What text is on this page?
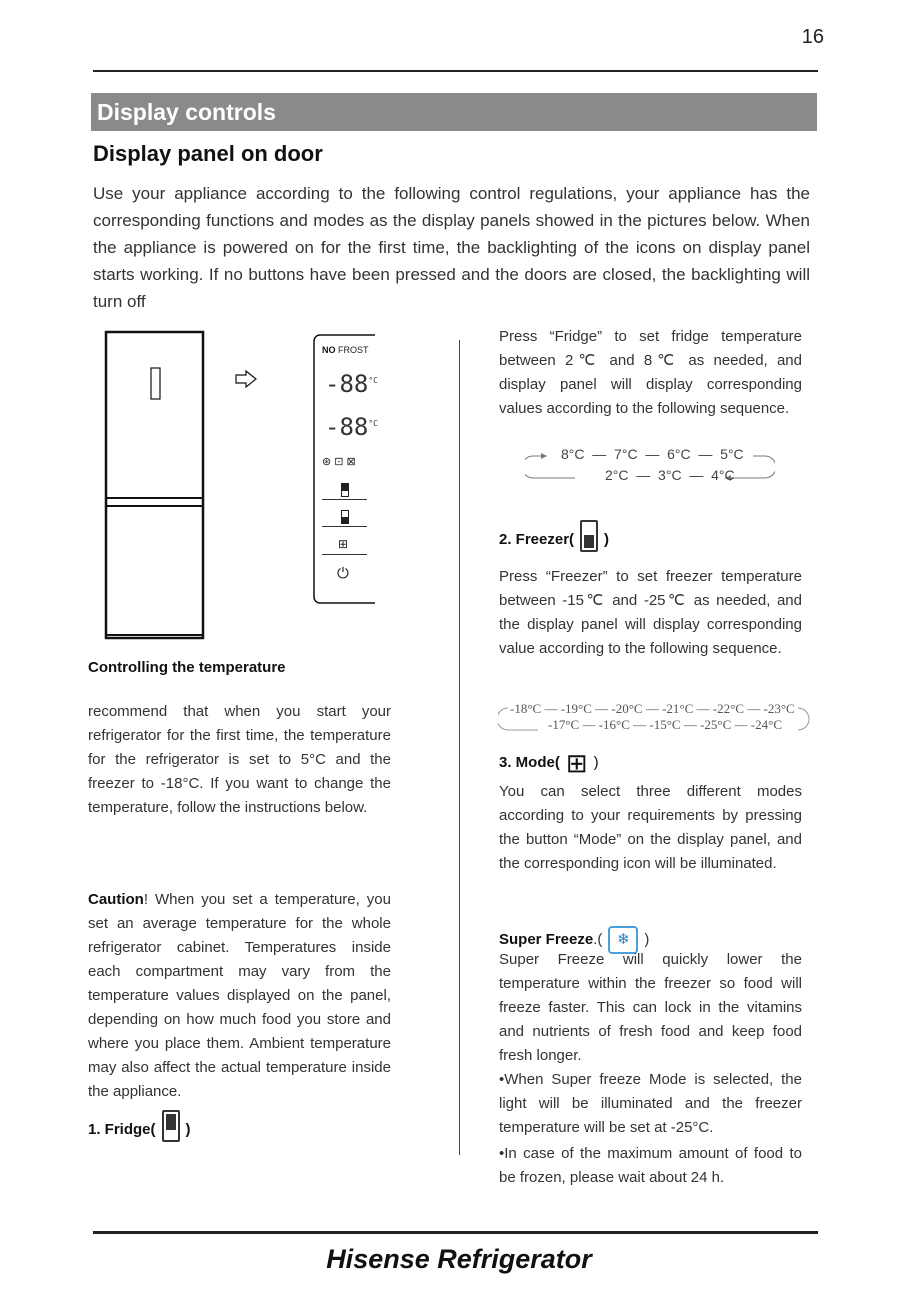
16
Display controls
Display panel on door
Use your appliance according to the following control regulations, your appliance has the corresponding functions and modes as the display panels showed in the pictures below. When the appliance is powered on for the first time, the backlighting of the icons on display panel starts working. If no buttons have been pressed and the doors are closed, the backlighting will turn off
NO FROST
$-88^{^\circ C}$
$-88^{^\circ C}$
⊛⊡⊠
⊞
⏻
Controlling the temperature
recommend that when you start your refrigerator for the first time, the temperature for the refrigerator is set to 5°C and the freezer to -18°C. If you want to change the temperature, follow the instructions below.
Caution! When you set a temperature, you set an average temperature for the whole refrigerator cabinet. Temperatures inside each compartment may vary from the temperature values displayed on the panel, depending on how much food you store and where you place them. Ambient temperature may also affect the actual temperature inside the appliance.
1. Fridge( )
Press “Fridge” to set fridge temperature between 2℃ and 8℃ as needed, and display panel will display corresponding values according to the following sequence.
8°C  —  7°C  —  6°C  —  5°C
2°C  —  3°C  —  4°C
2. Freezer( )
Press “Freezer” to set freezer temperature between -15℃ and -25℃ as needed, and the display panel will display corresponding value according to the following sequence.
-18°C — -19°C — -20°C — -21°C — -22°C — -23°C
-17°C — -16°C — -15°C — -25°C — -24°C
3. Mode( ⊞ )
You can select three different modes according to your requirements by pressing the button “Mode” on the display panel, and the corresponding icon will be illuminated.
Super Freeze.( ❄ )
Super Freeze will quickly lower the temperature within the freezer so food will freeze faster. This can lock in the vitamins and nutrients of fresh food and keep food fresh longer.
•When Super freeze Mode is selected, the light will be illuminated and the freezer temperature will be set at -25°C.
•In case of the maximum amount of food to be frozen, please wait about 24 h.
Hisense Refrigerator
